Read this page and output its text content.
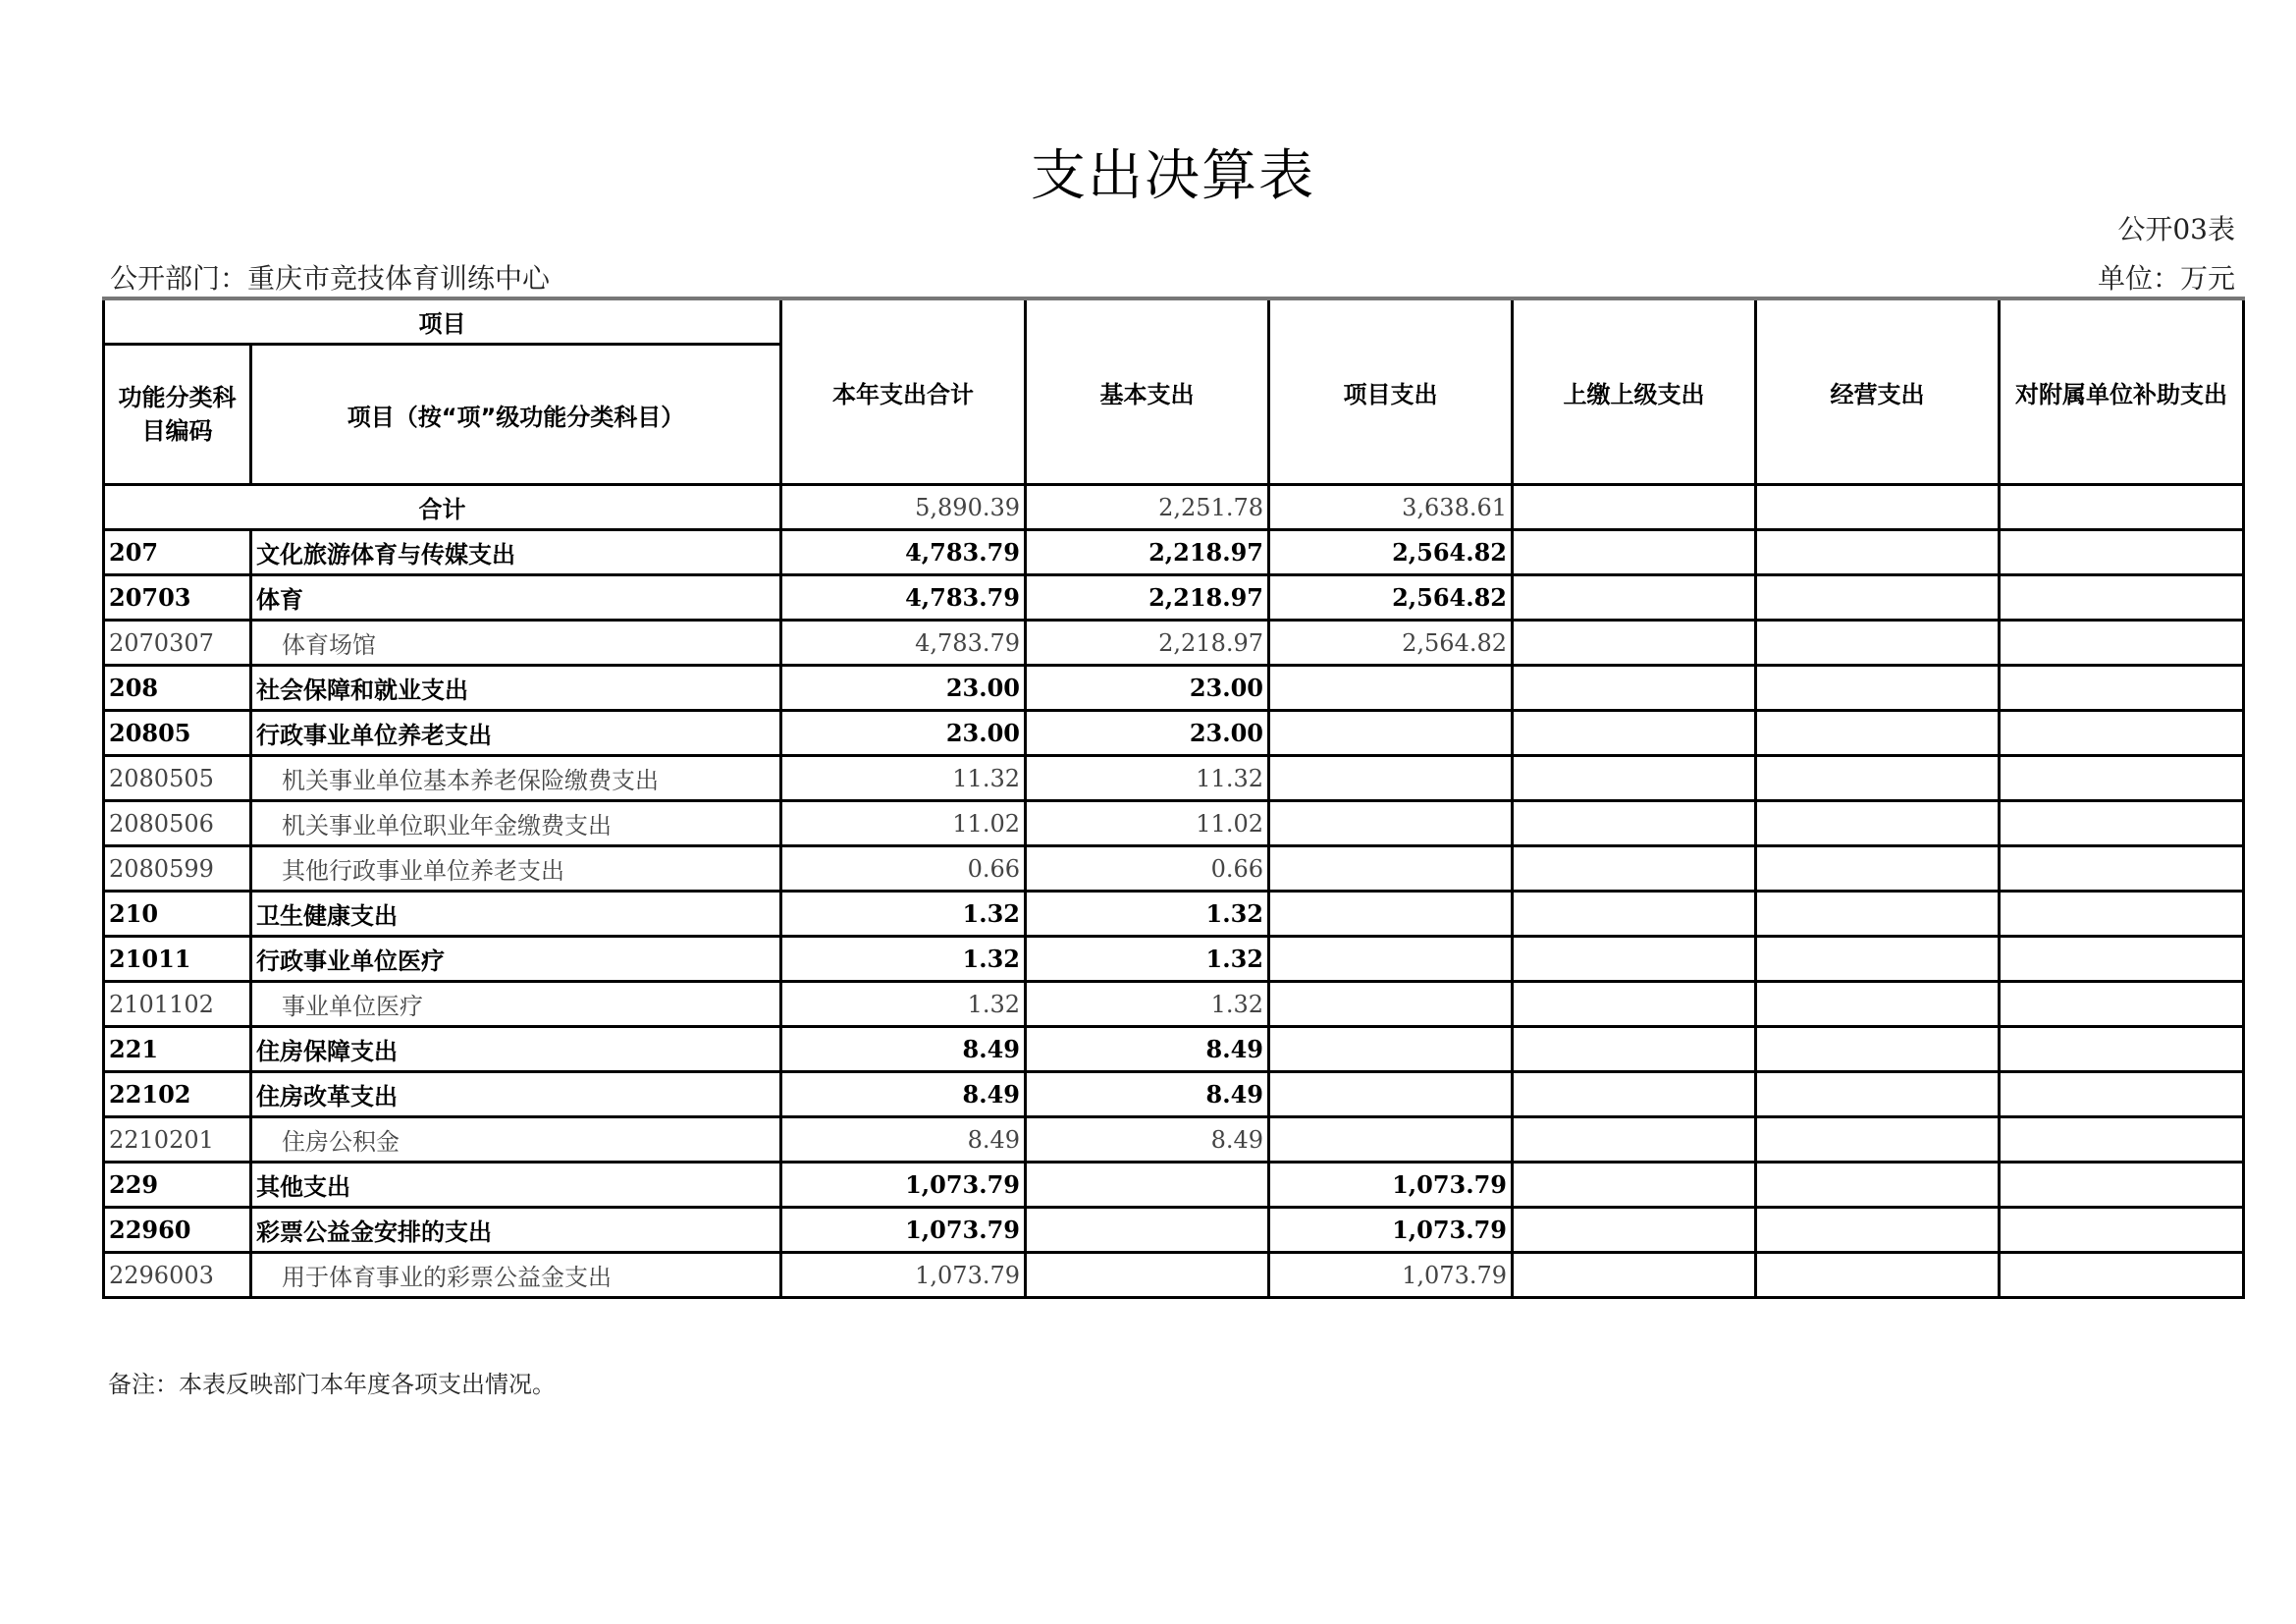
支出决算表
公开03表
公开部门：重庆市竞技体育训练中心	单位：万元
项目		本年支出合计	基本支出	项目支出	上缴上级支出	经营支出	对附属单位补助支出
功能分类科目编码	项目（按“项”级功能分类科目）						
合计		5,890.39	2,251.78	3,638.61			
207	文化旅游体育与传媒支出	4,783.79	2,218.97	2,564.82			
20703	体育	4,783.79	2,218.97	2,564.82			
2070307	体育场馆	4,783.79	2,218.97	2,564.82			
208	社会保障和就业支出	23.00	23.00				
20805	行政事业单位养老支出	23.00	23.00				
2080505	机关事业单位基本养老保险缴费支出	11.32	11.32				
2080506	机关事业单位职业年金缴费支出	11.02	11.02				
2080599	其他行政事业单位养老支出	0.66	0.66				
210	卫生健康支出	1.32	1.32				
21011	行政事业单位医疗	1.32	1.32				
2101102	事业单位医疗	1.32	1.32				
221	住房保障支出	8.49	8.49				
22102	住房改革支出	8.49	8.49				
2210201	住房公积金	8.49	8.49				
229	其他支出	1,073.79		1,073.79			
22960	彩票公益金安排的支出	1,073.79		1,073.79			
2296003	用于体育事业的彩票公益金支出	1,073.79		1,073.79			
备注：本表反映部门本年度各项支出情况。
